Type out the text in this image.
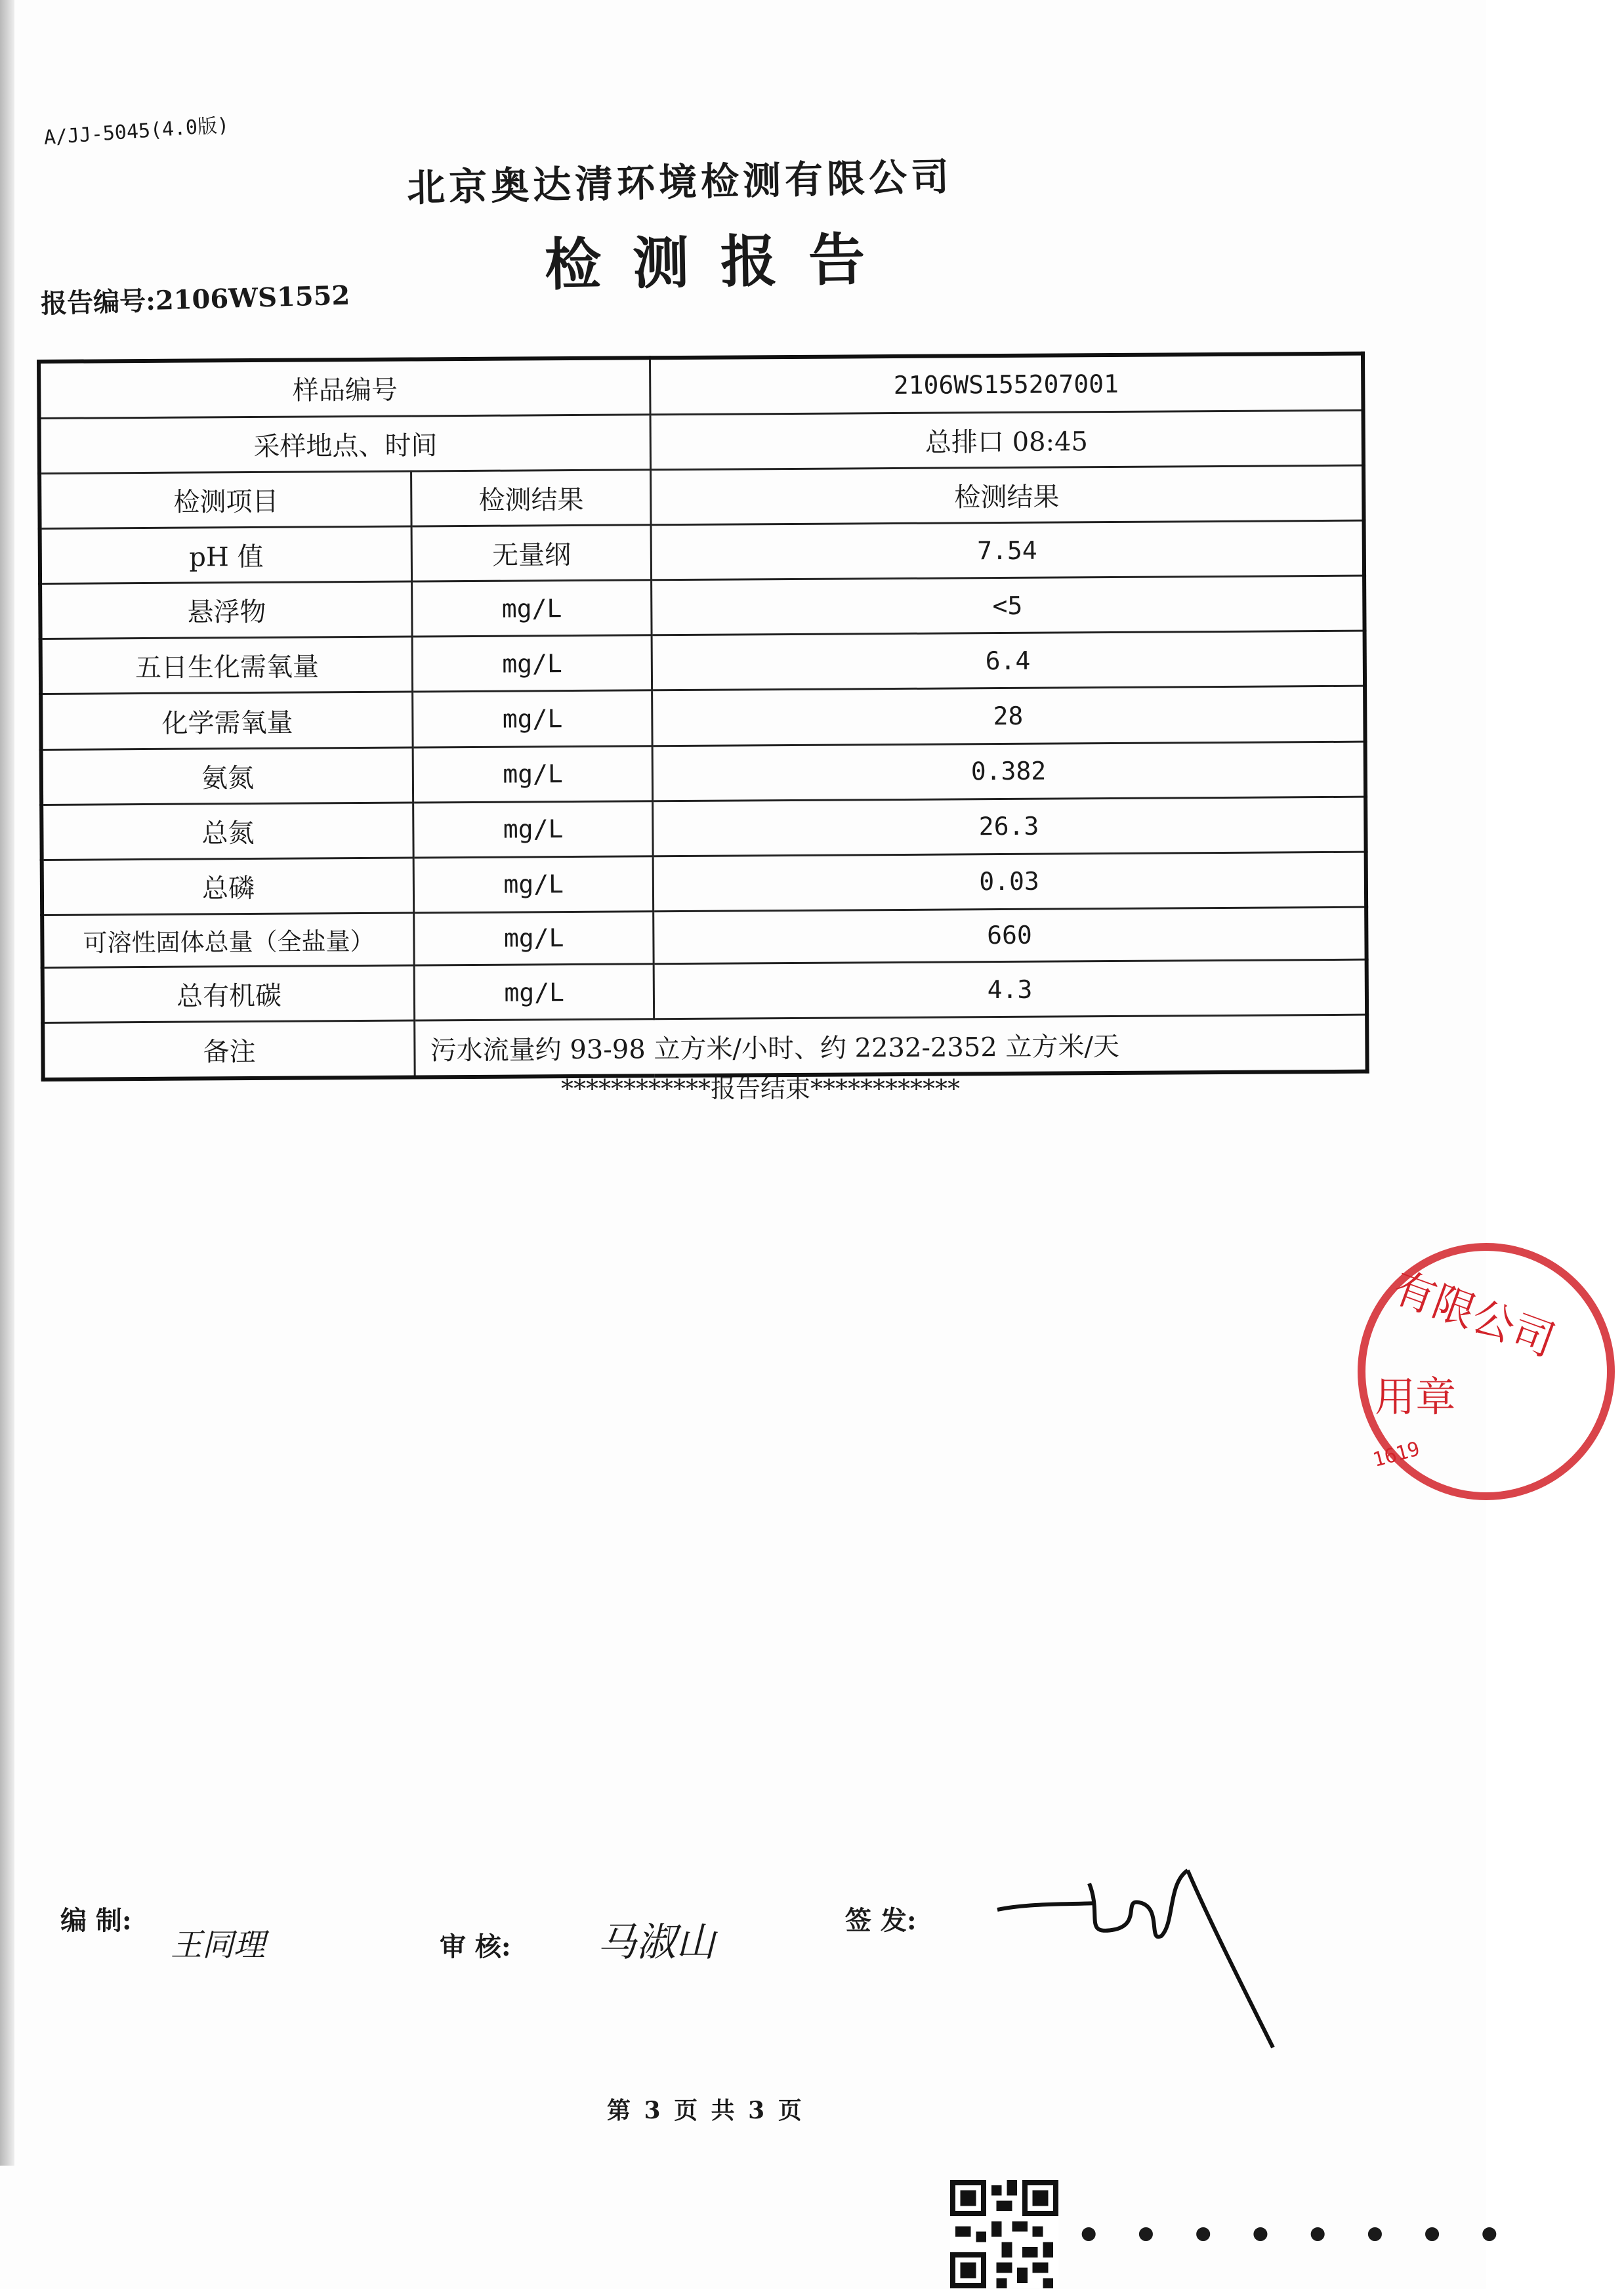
A/JJ-5045(4.0版)
北京奥达清环境检测有限公司
检测报告
报告编号:2106WS1552
样品编号		2106WS155207001
采样地点、时间		总排口 08:45
检测项目	检测结果	检测结果
pH 值	无量纲	7.54
悬浮物	mg/L	<5
五日生化需氧量	mg/L	6.4
化学需氧量	mg/L	28
氨氮	mg/L	0.382
总氮	mg/L	26.3
总磷	mg/L	0.03
可溶性固体总量（全盐量）	mg/L	660
总有机碳	mg/L	4.3
备注	污水流量约 93-98 立方米/小时、约 2232-2352 立方米/天	
************报告结束************
有限公司
用章
1619
编 制:
王同理	审 核: 马淑山	签 发:
第 3 页 共 3 页
• • • • • • • •
